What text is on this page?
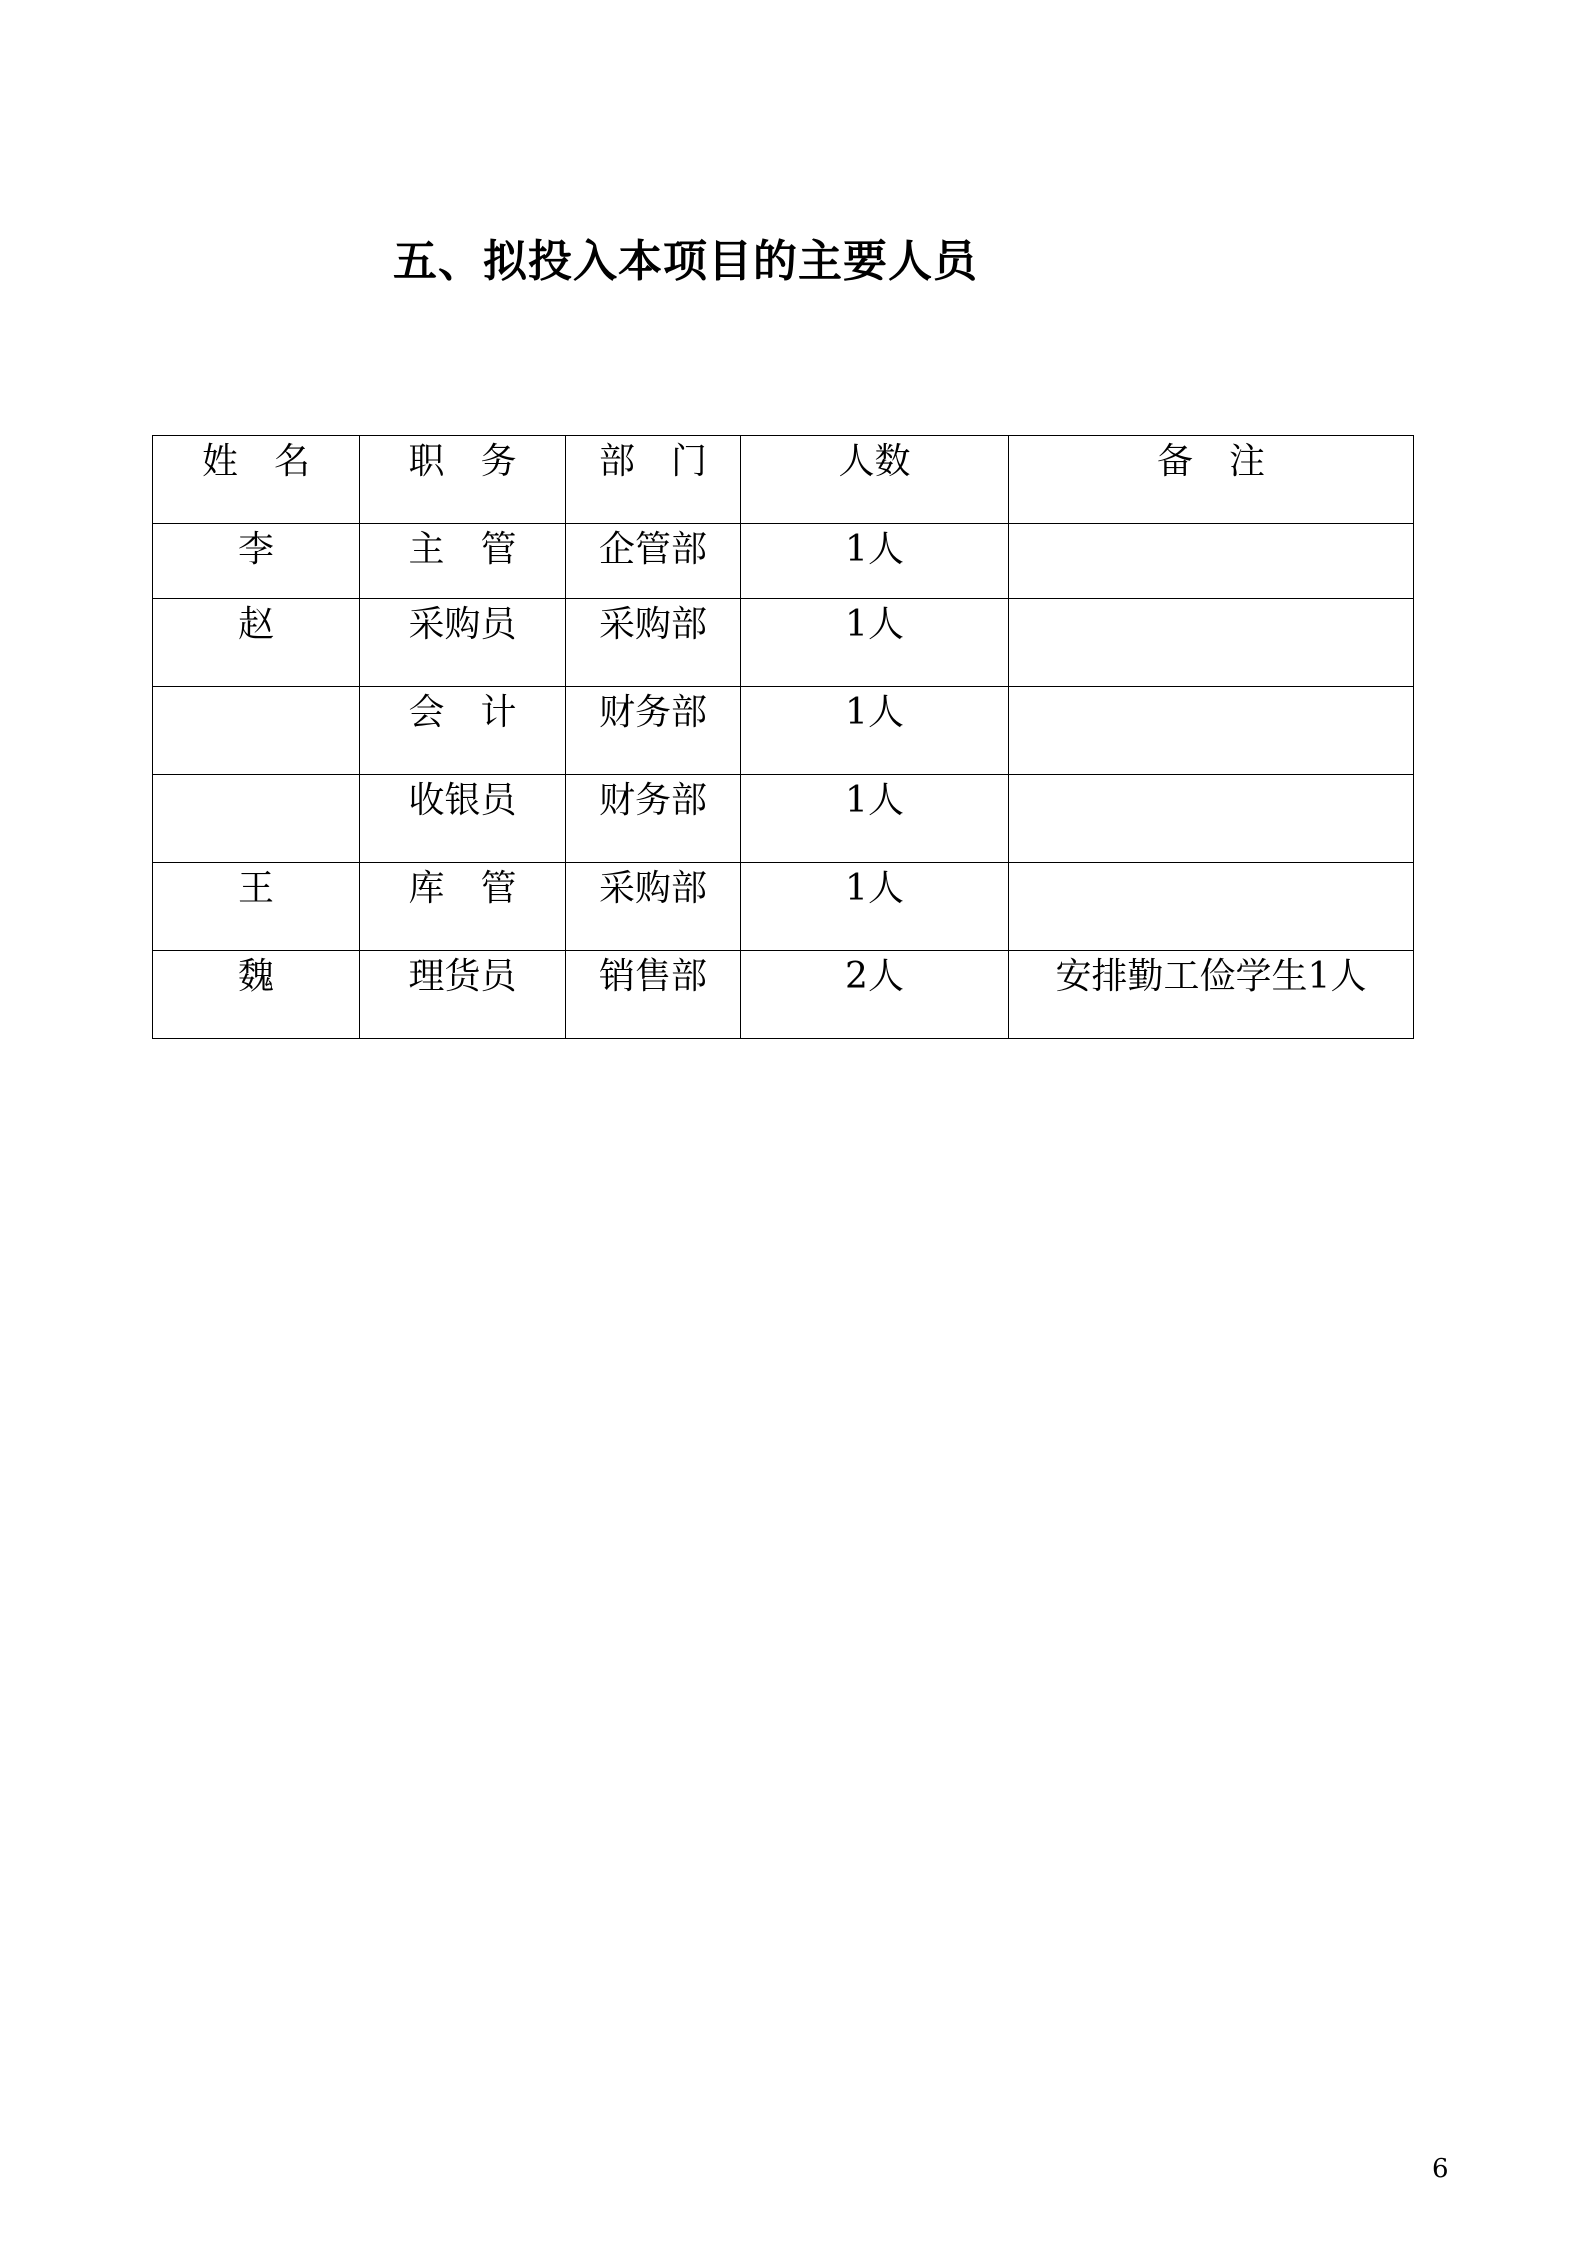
五、拟投入本项目的主要人员
姓　名	职　务	部　门	人数	备　注
李	主　管	企管部	1人	
赵	采购员	采购部	1人	
	会　计	财务部	1人	
	收银员	财务部	1人	
王	库　管	采购部	1人	
魏	理货员	销售部	2人	安排勤工俭学生1人
6
